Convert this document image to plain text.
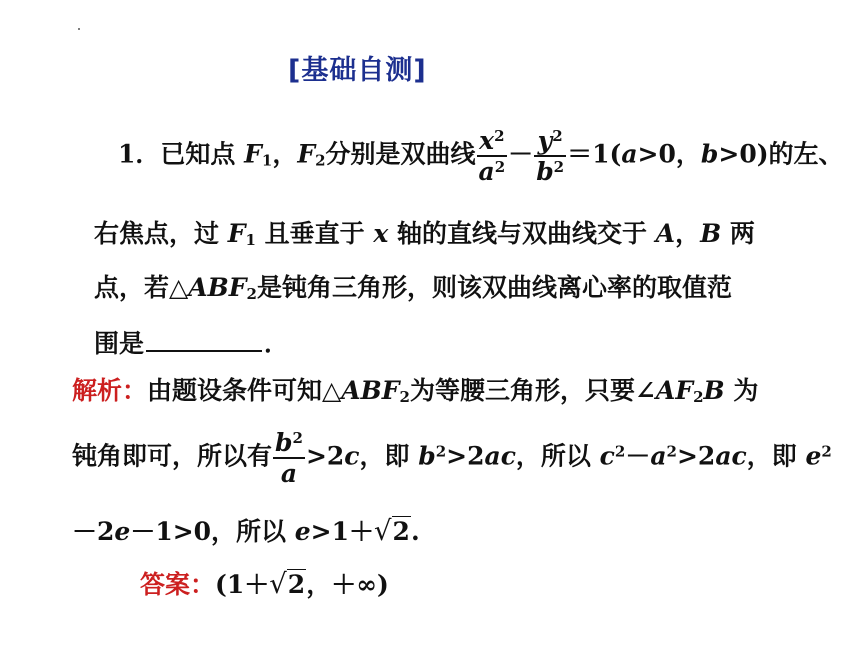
[基础自测]
1．已知点 $F_1$，$F_2$分别是双曲线 $\frac{x^2}{a^2} - \frac{y^2}{b^2} =1(a>0$，b>0)的左、
右焦点，过 $F_1$ 且垂直于 x 轴的直线与双曲线交于 A，B 两
点，若$\triangle ABF_2$是钝角三角形，则该双曲线离心率的取值范
围是	．
解析：由题设条件可知$\triangle ABF_2$为等腰三角形，只要$\angle AF_2B$ 为
钝角即可，所以有 $\frac{b^2}{a} >2c$，即 $b^2>2ac$，所以 $c^2-a^2>2ac$，即 $e^2$
－2e－1>0，所以 e>1＋√2.
答案：(1＋√2，＋∞)
